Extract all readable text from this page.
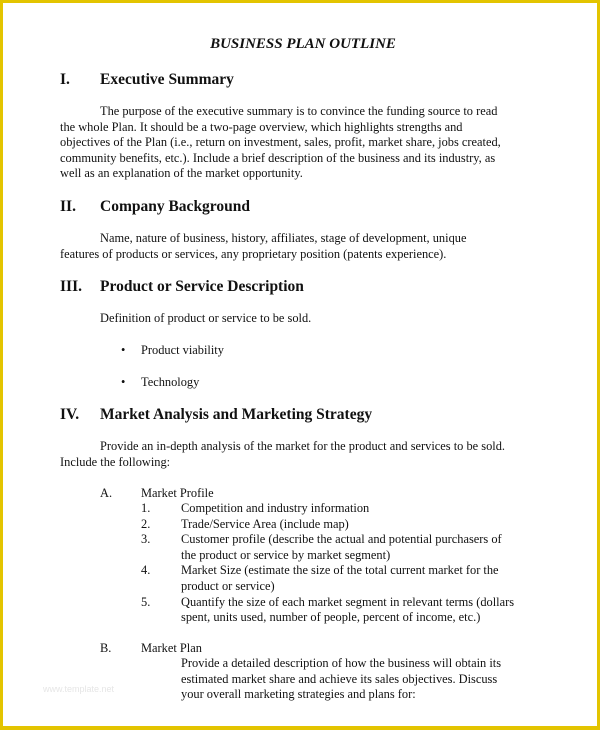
BUSINESS PLAN OUTLINE
I. Executive Summary
The purpose of the executive summary is to convince the funding source to read
the whole Plan. It should be a two-page overview, which highlights strengths and
objectives of the Plan (i.e., return on investment, sales, profit, market share, jobs created,
community benefits, etc.). Include a brief description of the business and its industry, as
well as an explanation of the market opportunity.
II. Company Background
Name, nature of business, history, affiliates, stage of development, unique
features of products or services, any proprietary position (patents experience).
III. Product or Service Description
Definition of product or service to be sold.
• Product viability
• Technology
IV. Market Analysis and Marketing Strategy
Provide an in-depth analysis of the market for the product and services to be sold.
Include the following:
A. Market Profile
1. Competition and industry information
2. Trade/Service Area (include map)
3. Customer profile (describe the actual and potential purchasers of
the product or service by market segment)
4. Market Size (estimate the size of the total current market for the
product or service)
5. Quantify the size of each market segment in relevant terms (dollars
spent, units used, number of people, percent of income, etc.)
B. Market Plan
Provide a detailed description of how the business will obtain its
estimated market share and achieve its sales objectives. Discuss
your overall marketing strategies and plans for:
www.template.net
